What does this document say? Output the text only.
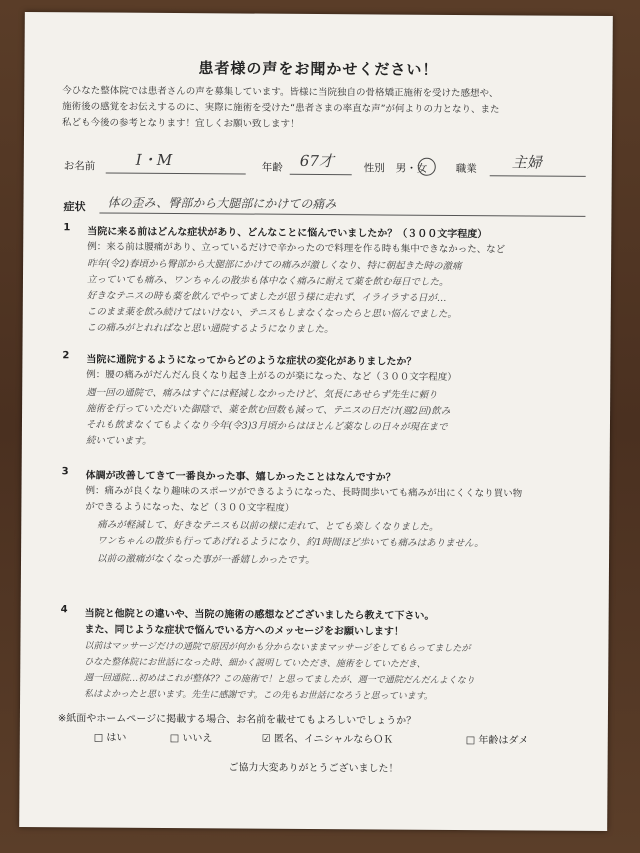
患者様の声をお聞かせください！
今ひなた整体院では患者さんの声を募集しています。皆様に当院独自の骨格矯正施術を受けた感想や、
施術後の感覚をお伝えするのに、実際に施術を受けた“患者さまの率直な声”が何よりの力となり、また
私ども今後の参考となります！宜しくお願い致します！
お名前	I・M	年齢 67才	性別 男・女	職業 主婦
症状 体の歪み、臀部から大腿部にかけての痛み
1 当院に来る前はどんな症状があり、どんなことに悩んでいましたか？（３００文字程度）
例：来る前は腰痛があり、立っているだけで辛かったので料理を作る時も集中できなかった、など
昨年(令2)春頃から臀部から大腿部にかけての痛みが激しくなり、特に朝起きた時の激痛
立っていても痛み、ワンちゃんの散歩も体中なく痛みに耐えて薬を飲む毎日でした。
好きなテニスの時も薬を飲んでやってましたが思う様に走れず、イライラする日が…
このまま薬を飲み続けてはいけない、テニスもしまなくなったらと思い悩んでました。
この痛みがとれればなと思い通院するようになりました。
2 当院に通院するようになってからどのような症状の変化がありましたか？
例：腰の痛みがだんだん良くなり起き上がるのが楽になった、など（３００文字程度）
週一回の通院で、痛みはすぐには軽減しなかったけど、気長にあせらず先生に頼り
施術を行っていただいた御陰で、薬を飲む回数も減って、テニスの日だけ(週2回)飲み
それも飲まなくてもよくなり今年(令3)3月頃からはほとんど薬なしの日々が現在まで
続いています。
3 体調が改善してきて一番良かった事、嬉しかったことはなんですか？
例：痛みが良くなり趣味のスポーツができるようになった、長時間歩いても痛みが出にくくなり買い物
ができるようになった、など（３００文字程度）
痛みが軽減して、好きなテニスも以前の様に走れて、とても楽しくなりました。
ワンちゃんの散歩も行ってあげれるようになり、約1時間ほど歩いても痛みはありません。
以前の激痛がなくなった事が一番嬉しかったです。
4 当院と他院との違いや、当院の施術の感想などございましたら教えて下さい。
また、同じような症状で悩んでいる方へのメッセージをお願いします！
以前はマッサージだけの通院で原因が何かも分からないままマッサージをしてもらってましたが
ひなた整体院にお世話になった時、細かく説明していただき、施術をしていただき、
週一回通院…初めはこれが整体?? この施術で！と思ってましたが、週一で通院だんだんよくなり
私はよかったと思います。先生に感謝です。この先もお世話になろうと思っています。
※紙面やホームページに掲載する場合、お名前を載せてもよろしいでしょうか？
□ はい	□ いいえ	☑ 匿名、イニシャルならＯＫ	□ 年齢はダメ
ご協力大変ありがとうございました！
